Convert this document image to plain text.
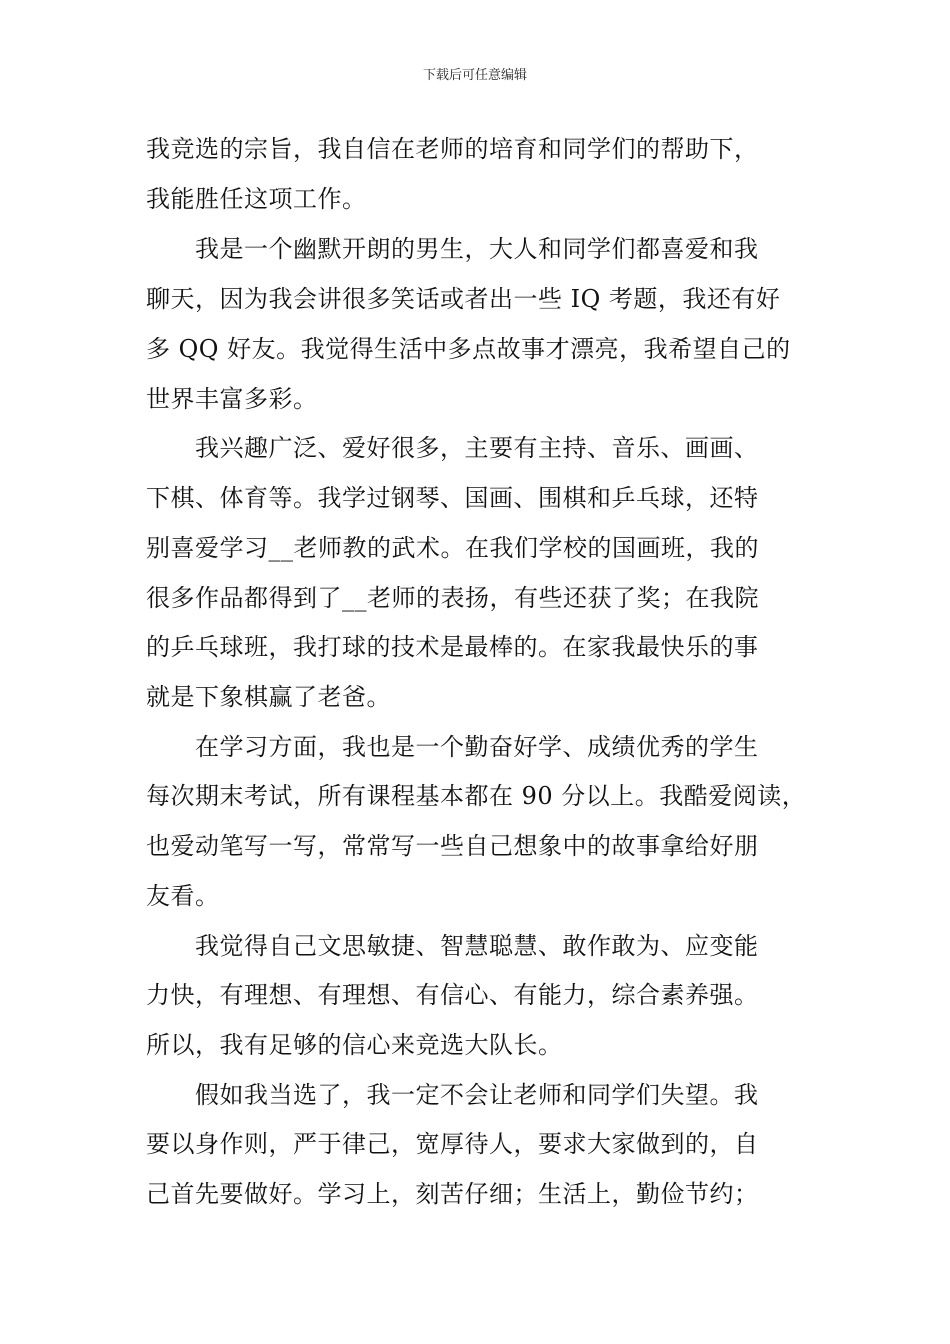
下载后可任意编辑
我竞选的宗旨，我自信在老师的培育和同学们的帮助下，
我能胜任这项工作。
　　我是一个幽默开朗的男生，大人和同学们都喜爱和我
聊天，因为我会讲很多笑话或者出一些 IQ 考题，我还有好
多 QQ 好友。我觉得生活中多点故事才漂亮，我希望自己的
世界丰富多彩。
　　我兴趣广泛、爱好很多，主要有主持、音乐、画画、
下棋、体育等。我学过钢琴、国画、围棋和乒乓球，还特
别喜爱学习__老师教的武术。在我们学校的国画班，我的
很多作品都得到了__老师的表扬，有些还获了奖；在我院
的乒乓球班，我打球的技术是最棒的。在家我最快乐的事
就是下象棋赢了老爸。
　　在学习方面，我也是一个勤奋好学、成绩优秀的学生
每次期末考试，所有课程基本都在 90 分以上。我酷爱阅读，
也爱动笔写一写，常常写一些自己想象中的故事拿给好朋
友看。
　　我觉得自己文思敏捷、智慧聪慧、敢作敢为、应变能
力快，有理想、有理想、有信心、有能力，综合素养强。
所以，我有足够的信心来竞选大队长。
　　假如我当选了，我一定不会让老师和同学们失望。我
要以身作则，严于律己，宽厚待人，要求大家做到的，自
己首先要做好。学习上，刻苦仔细；生活上，勤俭节约；
